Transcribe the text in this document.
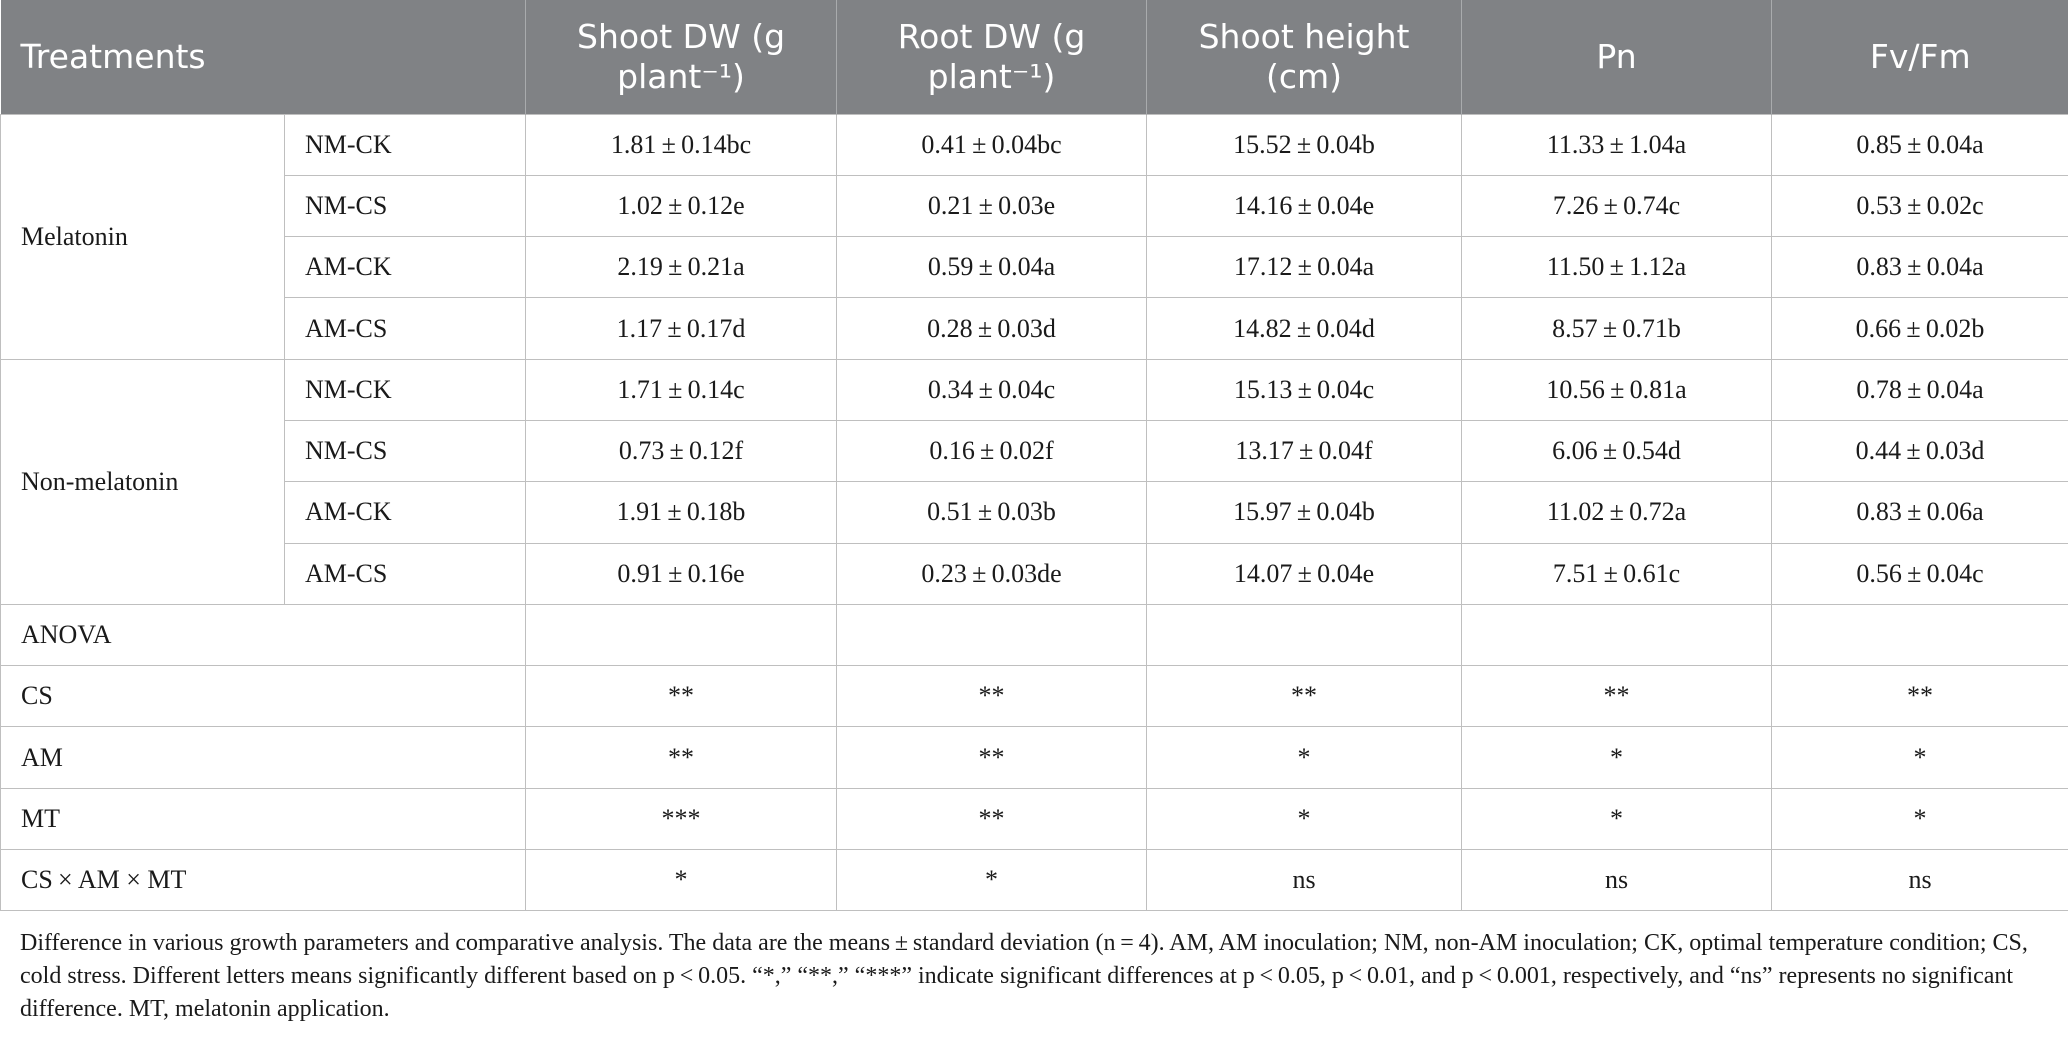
Treatments		Shoot DW (g plant⁻¹)	Root DW (g plant⁻¹)	Shoot height (cm)	Pn	Fv/Fm
Melatonin	NM-CK	1.81 ± 0.14bc	0.41 ± 0.04bc	15.52 ± 0.04b	11.33 ± 1.04a	0.85 ± 0.04a
	NM-CS	1.02 ± 0.12e	0.21 ± 0.03e	14.16 ± 0.04e	7.26 ± 0.74c	0.53 ± 0.02c
	AM-CK	2.19 ± 0.21a	0.59 ± 0.04a	17.12 ± 0.04a	11.50 ± 1.12a	0.83 ± 0.04a
	AM-CS	1.17 ± 0.17d	0.28 ± 0.03d	14.82 ± 0.04d	8.57 ± 0.71b	0.66 ± 0.02b
Non-melatonin	NM-CK	1.71 ± 0.14c	0.34 ± 0.04c	15.13 ± 0.04c	10.56 ± 0.81a	0.78 ± 0.04a
	NM-CS	0.73 ± 0.12f	0.16 ± 0.02f	13.17 ± 0.04f	6.06 ± 0.54d	0.44 ± 0.03d
	AM-CK	1.91 ± 0.18b	0.51 ± 0.03b	15.97 ± 0.04b	11.02 ± 0.72a	0.83 ± 0.06a
	AM-CS	0.91 ± 0.16e	0.23 ± 0.03de	14.07 ± 0.04e	7.51 ± 0.61c	0.56 ± 0.04c
ANOVA						
CS		**	**	**	**	**
AM		**	**	*	*	*
MT		***	**	*	*	*
CS × AM × MT		*	*	ns	ns	ns

Difference in various growth parameters and comparative analysis. The data are the means ± standard deviation (n = 4). AM, AM inoculation; NM, non-AM inoculation; CK, optimal temperature condition; CS, cold stress. Different letters means significantly different based on p < 0.05. “*,” “**,” “***” indicate significant differences at p < 0.05, p < 0.01, and p < 0.001, respectively, and “ns” represents no significant difference. MT, melatonin application.
